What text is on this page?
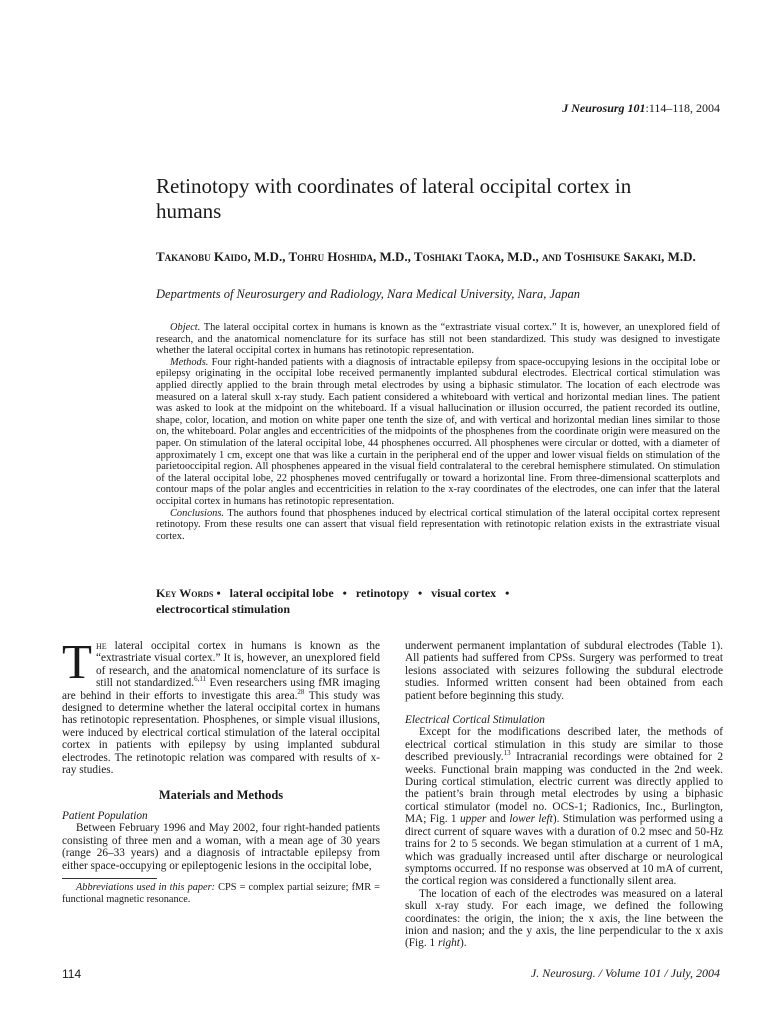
J Neurosurg 101:114–118, 2004
Retinotopy with coordinates of lateral occipital cortex in humans
Takanobu Kaido, M.D., Tohru Hoshida, M.D., Toshiaki Taoka, M.D., and Toshisuke Sakaki, M.D.
Departments of Neurosurgery and Radiology, Nara Medical University, Nara, Japan

Object. The lateral occipital cortex in humans is known as the “extrastriate visual cortex.” It is, however, an unexplored field of research, and the anatomical nomenclature for its surface has still not been standardized. This study was designed to investigate whether the lateral occipital cortex in humans has retinotopic representation.

Methods. Four right-handed patients with a diagnosis of intractable epilepsy from space-occupying lesions in the occipital lobe or epilepsy originating in the occipital lobe received permanently implanted subdural electrodes. Electrical cortical stimulation was applied directly applied to the brain through metal electrodes by using a biphasic stimulator. The location of each electrode was measured on a lateral skull x-ray study. Each patient considered a whiteboard with vertical and horizontal median lines. The patient was asked to look at the midpoint on the whiteboard. If a visual hallucination or illusion occurred, the patient recorded its outline, shape, color, location, and motion on white paper one tenth the size of, and with vertical and horizontal median lines similar to those on, the whiteboard. Polar angles and eccentricities of the midpoints of the phosphenes from the coordinate origin were measured on the paper. On stimulation of the lateral occipital lobe, 44 phosphenes occurred. All phosphenes were circular or dotted, with a diameter of approximately 1 cm, except one that was like a curtain in the peripheral end of the upper and lower visual fields on stimulation of the parietooccipital region. All phosphenes appeared in the visual field contralateral to the cerebral hemisphere stimulated. On stimulation of the lateral occipital lobe, 22 phosphenes moved centrifugally or toward a horizontal line. From three-dimensional scatterplots and contour maps of the polar angles and eccentricities in relation to the x-ray coordinates of the electrodes, one can infer that the lateral occipital cortex in humans has retinotopic representation.

Conclusions. The authors found that phosphenes induced by electrical cortical stimulation of the lateral occipital cortex represent retinotopy. From these results one can assert that visual field representation with retinotopic relation exists in the extrastriate visual cortex.

Key Words •   lateral occipital lobe   •   retinotopy   •   visual cortex   •
electrocortical stimulation

The lateral occipital cortex in humans is known as the “extrastriate visual cortex.” It is, however, an unexplored field of research, and the anatomical nomenclature of its surface is still not standardized.$^{6,11}$ Even researchers using fMR imaging are behind in their efforts to investigate this area.$^{28}$ This study was designed to determine whether the lateral occipital cortex in humans has retinotopic representation. Phosphenes, or simple visual illusions, were induced by electrical cortical stimulation of the lateral occipital cortex in patients with epilepsy by using implanted subdural electrodes. The retinotopic relation was compared with results of x-ray studies.

Materials and Methods

Patient Population

Between February 1996 and May 2002, four right-handed patients consisting of three men and a woman, with a mean age of 30 years (range 26–33 years) and a diagnosis of intractable epilepsy from either space-occupying or epileptogenic lesions in the occipital lobe,

Abbreviations used in this paper: CPS = complex partial seizure; fMR = functional magnetic resonance.

underwent permanent implantation of subdural electrodes (Table 1). All patients had suffered from CPSs. Surgery was performed to treat lesions associated with seizures following the subdural electrode studies. Informed written consent had been obtained from each patient before beginning this study.

Electrical Cortical Stimulation

Except for the modifications described later, the methods of electrical cortical stimulation in this study are similar to those described previously.$^{13}$ Intracranial recordings were obtained for 2 weeks. Functional brain mapping was conducted in the 2nd week. During cortical stimulation, electric current was directly applied to the patient’s brain through metal electrodes by using a biphasic cortical stimulator (model no. OCS-1; Radionics, Inc., Burlington, MA; Fig. 1 upper and lower left). Stimulation was performed using a direct current of square waves with a duration of 0.2 msec and 50-Hz trains for 2 to 5 seconds. We began stimulation at a current of 1 mA, which was gradually increased until after discharge or neurological symptoms occurred. If no response was observed at 10 mA of current, the cortical region was considered a functionally silent area.

The location of each of the electrodes was measured on a lateral skull x-ray study. For each image, we defined the following coordinates: the origin, the inion; the x axis, the line between the inion and nasion; and the y axis, the line perpendicular to the x axis (Fig. 1 right).

114	J. Neurosurg. / Volume 101 / July, 2004
